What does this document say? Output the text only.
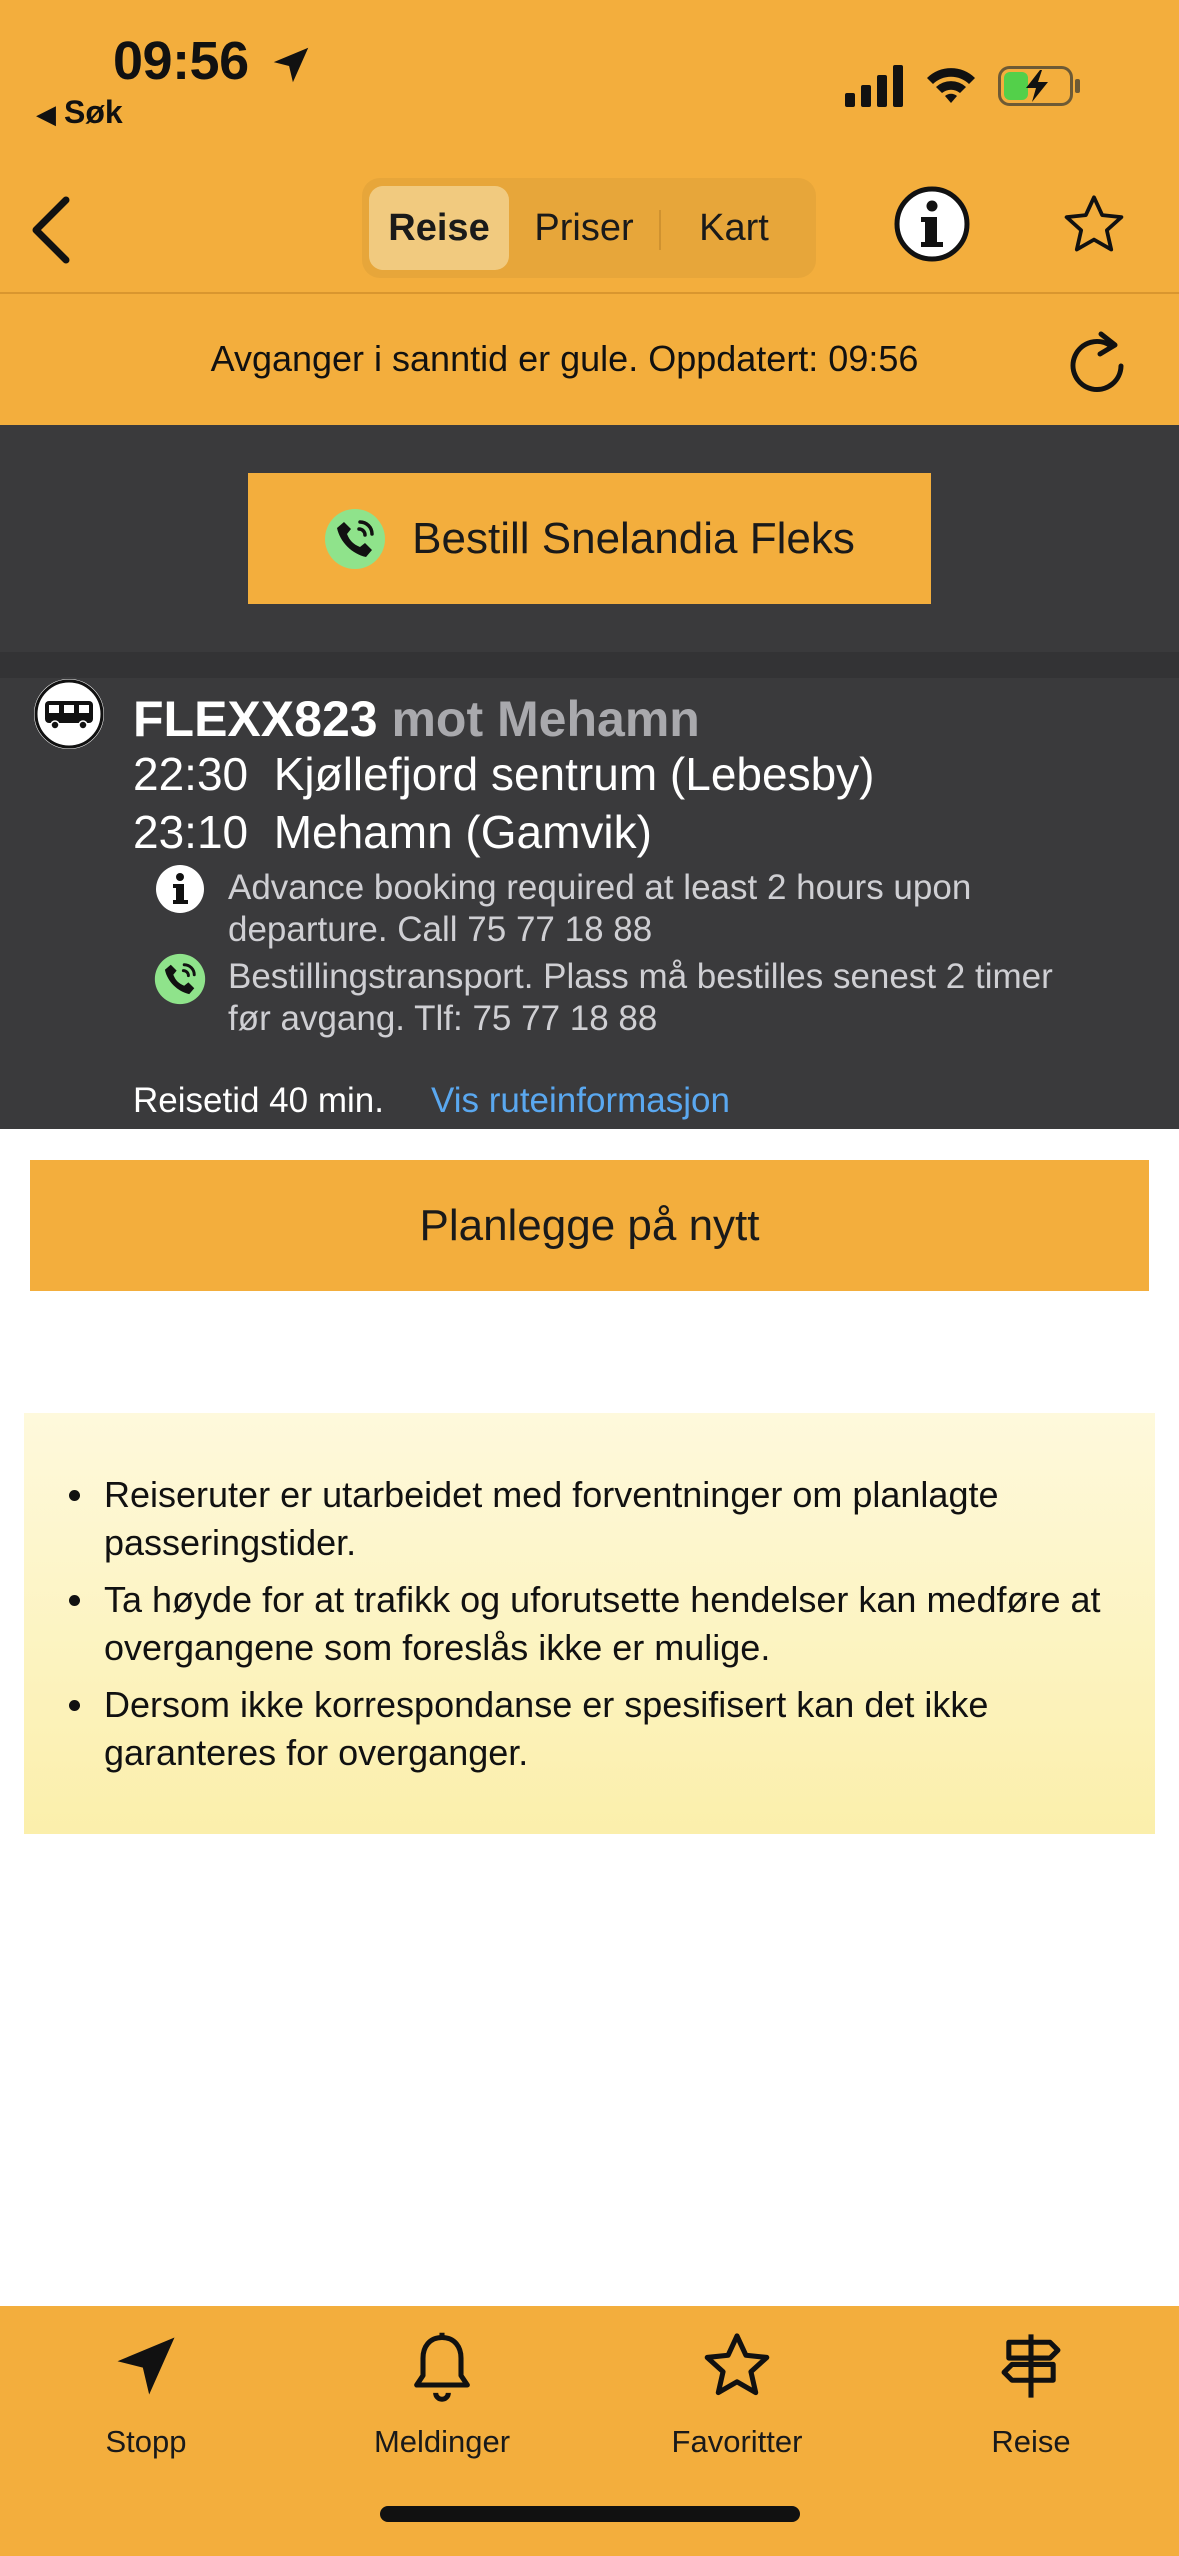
09:56
◀ Søk
Reise	Priser	Kart
Avganger i sanntid er gule. Oppdatert: 09:56
Bestill Snelandia Fleks
FLEXX823 mot Mehamn
22:30 Kjøllefjord sentrum (Lebesby)
23:10 Mehamn (Gamvik)
Advance booking required at least 2 hours upon
departure. Call 75 77 18 88
Bestillingstransport. Plass må bestilles senest 2 timer
før avgang. Tlf: 75 77 18 88
Reisetid 40 min. Vis ruteinformasjon
Planlegge på nytt
• Reiseruter er utarbeidet med forventninger om planlagte passeringstider.
• Ta høyde for at trafikk og uforutsette hendelser kan medføre at overgangene som foreslås ikke er mulige.
• Dersom ikke korrespondanse er spesifisert kan det ikke garanteres for overganger.
Stopp	Meldinger	Favoritter	Reise
